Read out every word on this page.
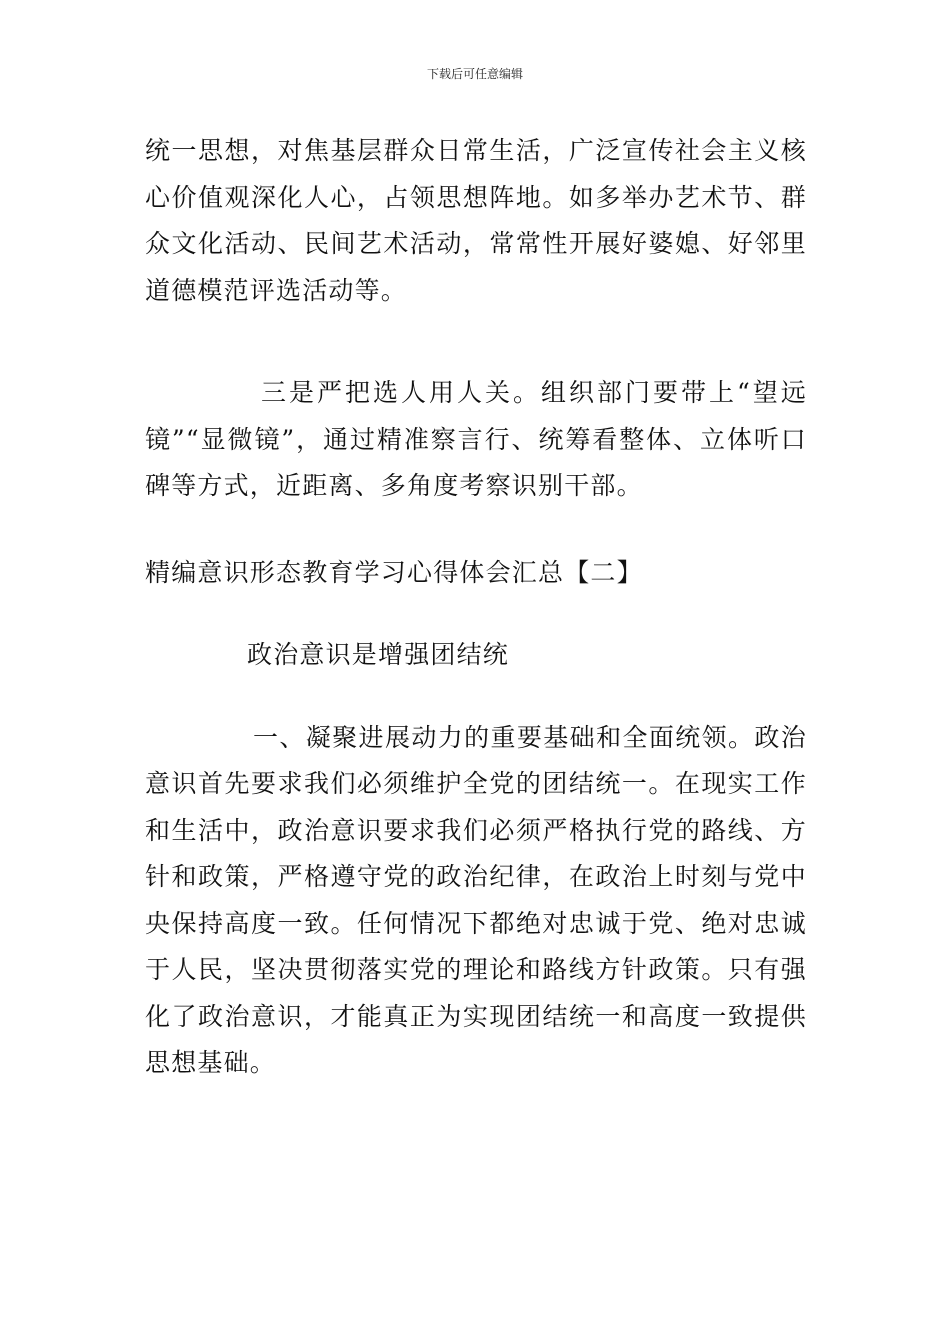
下载后可任意编辑

统一思想，对焦基层群众日常生活，广泛宣传社会主义核心价值观深化人心，占领思想阵地。如多举办艺术节、群众文化活动、民间艺术活动，常常性开展好婆媳、好邻里道德模范评选活动等。

三是严把选人用人关。组织部门要带上“望远镜”“显微镜”，通过精准察言行、统筹看整体、立体听口碑等方式，近距离、多角度考察识别干部。

精编意识形态教育学习心得体会汇总【二】

政治意识是增强团结统

一、凝聚进展动力的重要基础和全面统领。政治意识首先要求我们必须维护全党的团结统一。在现实工作和生活中，政治意识要求我们必须严格执行党的路线、方针和政策，严格遵守党的政治纪律，在政治上时刻与党中央保持高度一致。任何情况下都绝对忠诚于党、绝对忠诚于人民，坚决贯彻落实党的理论和路线方针政策。只有强化了政治意识，才能真正为实现团结统一和高度一致提供思想基础。
